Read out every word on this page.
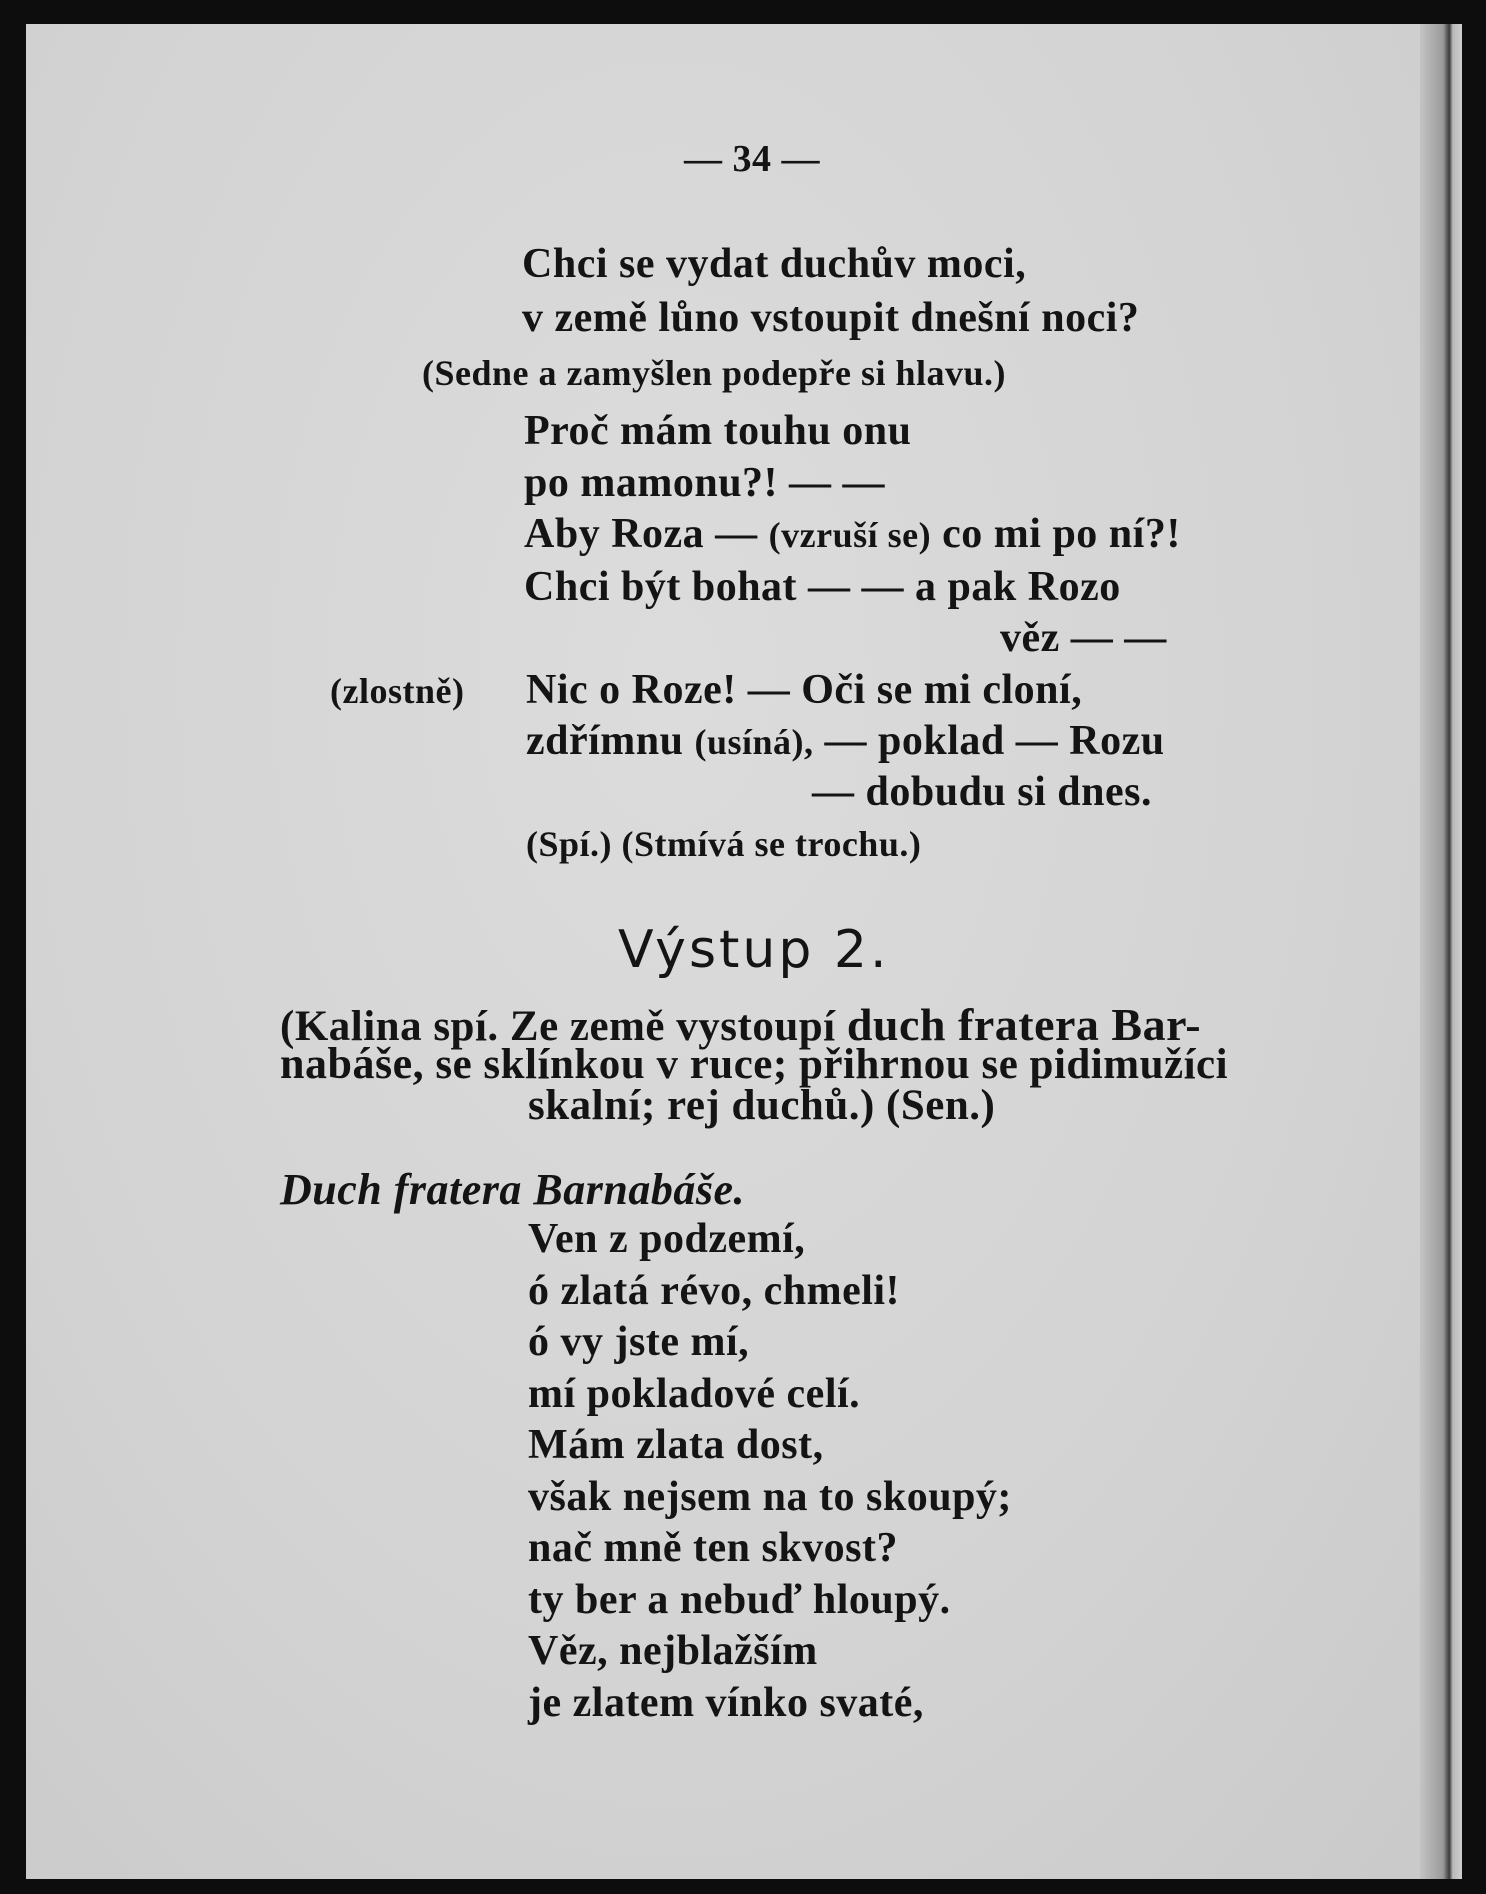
— 34 —
Chci se vydat duchův moci,
v země lůno vstoupit dnešní noci?
(Sedne a zamyšlen podepře si hlavu.)
Proč mám touhu onu
po mamonu?! — —
Aby Roza — (vzruší se) co mi po ní?!
Chci být bohat — — a pak Rozo
věz — —
(zlostně) Nic o Roze! — Oči se mi cloní,
zdřímnu (usíná), — poklad — Rozu
— dobudu si dnes.
(Spí.) (Stmívá se trochu.)
Výstup 2.
(Kalina spí. Ze země vystoupí duch fratera Bar-
nabáše, se sklínkou v ruce; přihrnou se pidimužíci
skalní; rej duchů.) (Sen.)
Duch fratera Barnabáše.
Ven z podzemí,
ó zlatá révo, chmeli!
ó vy jste mí,
mí pokladové celí.
Mám zlata dost,
však nejsem na to skoupý;
nač mně ten skvost?
ty ber a nebuď hloupý.
Věz, nejblažším
je zlatem vínko svaté,
